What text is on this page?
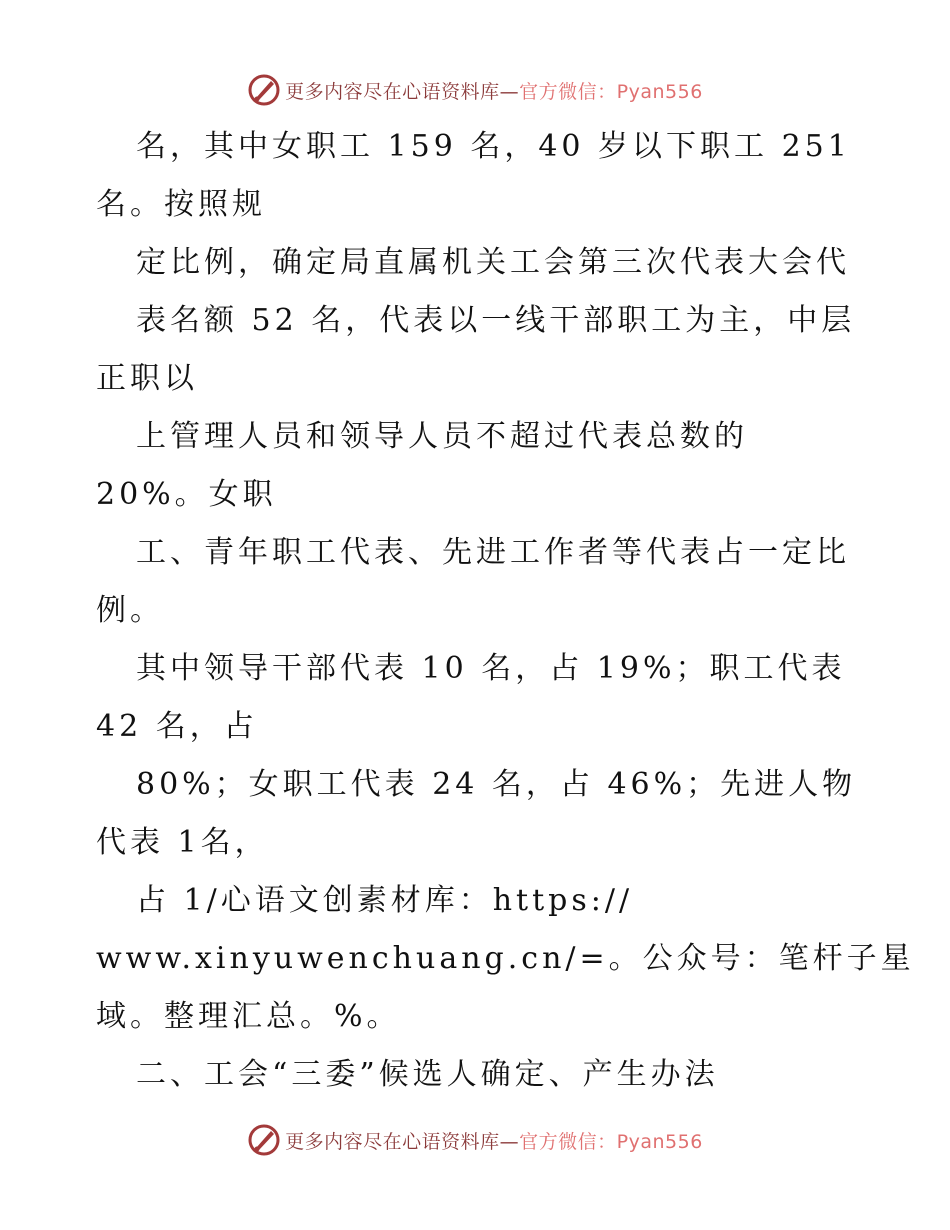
更多内容尽在心语资料库—官方微信：Pyan556
名，其中女职工 159 名，40 岁以下职工 251
名。按照规
定比例，确定局直属机关工会第三次代表大会代
表名额 52 名，代表以一线干部职工为主，中层
正职以
上管理人员和领导人员不超过代表总数的
20%。女职
工、青年职工代表、先进工作者等代表占一定比
例。
其中领导干部代表 10 名，占 19%；职工代表
42 名，占
80%；女职工代表 24 名，占 46%；先进人物
代表 1名，
占 1/心语文创素材库：https://
www.xinyuwenchuang.cn/=。公众号：笔杆子星
域。整理汇总。%。
二、工会“三委”候选人确定、产生办法
更多内容尽在心语资料库—官方微信：Pyan556
